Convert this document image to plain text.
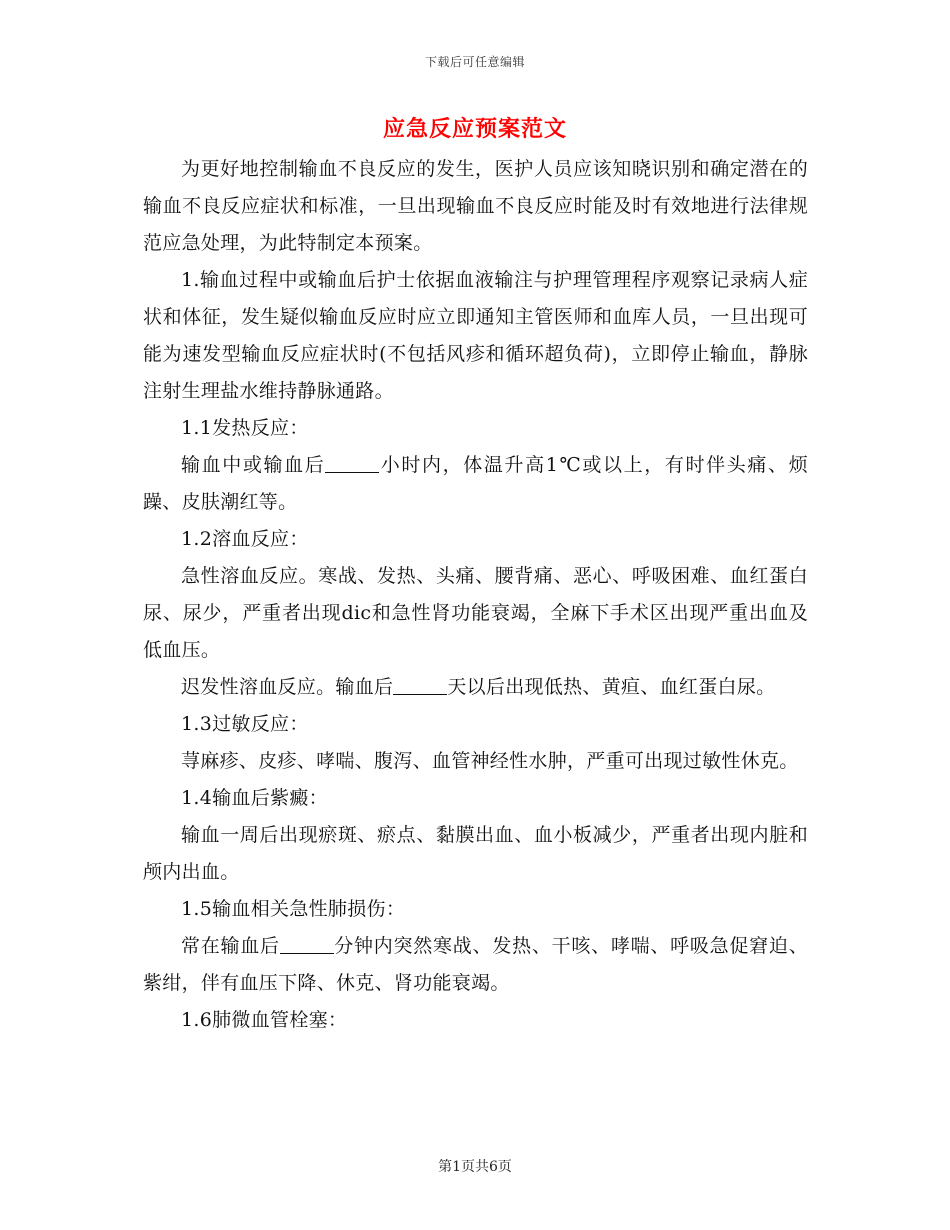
下载后可任意编辑
应急反应预案范文

为更好地控制输血不良反应的发生，医护人员应该知晓识别和确定潜在的输血不良反应症状和标准，一旦出现输血不良反应时能及时有效地进行法律规范应急处理，为此特制定本预案。

1.输血过程中或输血后护士依据血液输注与护理管理程序观察记录病人症状和体征，发生疑似输血反应时应立即通知主管医师和血库人员，一旦出现可能为速发型输血反应症状时(不包括风疹和循环超负荷)，立即停止输血，静脉注射生理盐水维持静脉通路。

1.1发热反应：

输血中或输血后	小时内，体温升高1℃或以上，有时伴头痛、烦躁、皮肤潮红等。

1.2溶血反应：

急性溶血反应。寒战、发热、头痛、腰背痛、恶心、呼吸困难、血红蛋白尿、尿少，严重者出现dic和急性肾功能衰竭，全麻下手术区出现严重出血及低血压。

迟发性溶血反应。输血后	天以后出现低热、黄疸、血红蛋白尿。

1.3过敏反应：

荨麻疹、皮疹、哮喘、腹泻、血管神经性水肿，严重可出现过敏性休克。

1.4输血后紫癜：

输血一周后出现瘀斑、瘀点、黏膜出血、血小板减少，严重者出现内脏和颅内出血。

1.5输血相关急性肺损伤：

常在输血后	分钟内突然寒战、发热、干咳、哮喘、呼吸急促窘迫、紫绀，伴有血压下降、休克、肾功能衰竭。

1.6肺微血管栓塞：

第1页共6页
